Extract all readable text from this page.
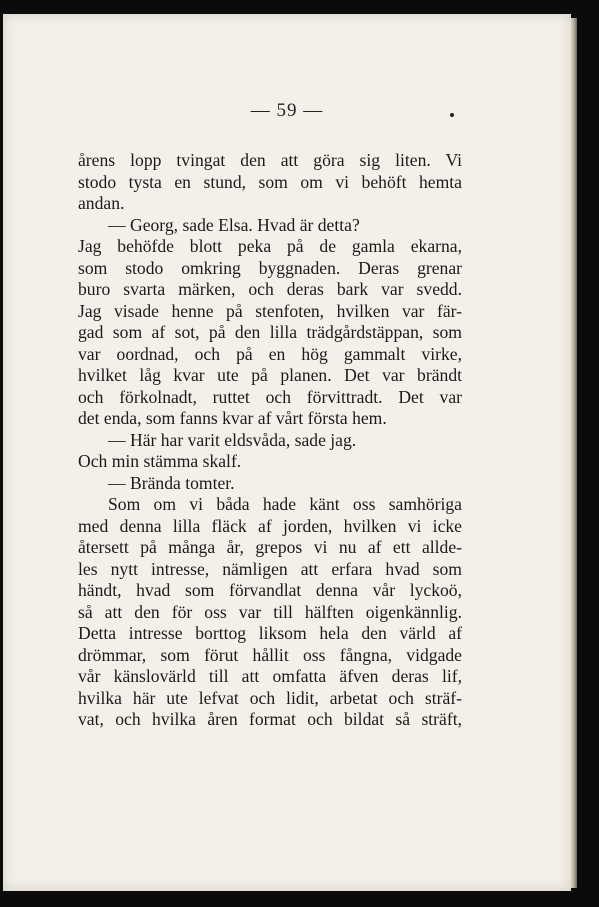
— 59 —

årens lopp tvingat den att göra sig liten. Vi

stodo tysta en stund, som om vi behöft hemta

andan.

— Georg, sade Elsa. Hvad är detta?

Jag behöfde blott peka på de gamla ekarna,

som stodo omkring byggnaden. Deras grenar

buro svarta märken, och deras bark var svedd.

Jag visade henne på stenfoten, hvilken var fär-

gad som af sot, på den lilla trädgårdstäppan, som

var oordnad, och på en hög gammalt virke,

hvilket låg kvar ute på planen. Det var brändt

och förkolnadt, ruttet och förvittradt. Det var

det enda, som fanns kvar af vårt första hem.

— Här har varit eldsvåda, sade jag.

Och min stämma skalf.

— Brända tomter.

Som om vi båda hade känt oss samhöriga

med denna lilla fläck af jorden, hvilken vi icke

återsett på många år, grepos vi nu af ett allde-

les nytt intresse, nämligen att erfara hvad som

händt, hvad som förvandlat denna vår lyckoö,

så att den för oss var till hälften oigenkännlig.

Detta intresse borttog liksom hela den värld af

drömmar, som förut hållit oss fångna, vidgade

vår känslovärld till att omfatta äfven deras lif,

hvilka här ute lefvat och lidit, arbetat och sträf-

vat, och hvilka åren format och bildat så sträft,
